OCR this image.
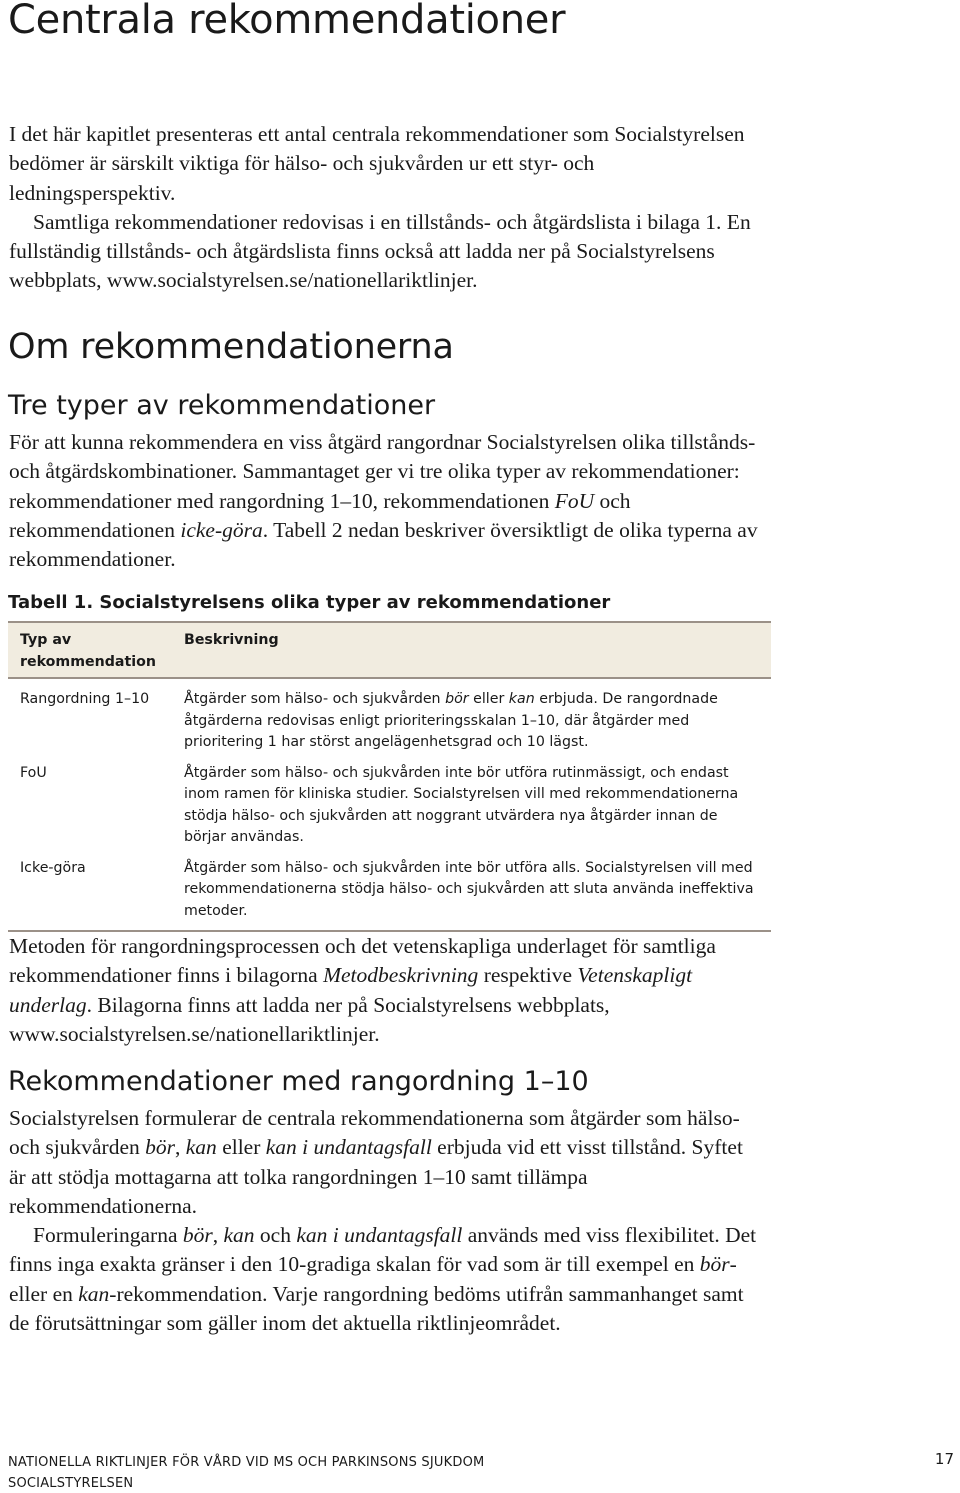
Centrala rekommendationer

I det här kapitlet presenteras ett antal centrala rekommendationer som Socialstyrelsen bedömer är särskilt viktiga för hälso- och sjukvården ur ett styr- och ledningsperspektiv.

Samtliga rekommendationer redovisas i en tillstånds- och åtgärdslista i bilaga 1. En fullständig tillstånds- och åtgärdslista finns också att ladda ner på Socialstyrelsens webbplats, www.socialstyrelsen.se/nationellariktlinjer.

Om rekommendationerna
Tre typer av rekommendationer

För att kunna rekommendera en viss åtgärd rangordnar Socialstyrelsen olika tillstånds- och åtgärdskombinationer. Sammantaget ger vi tre olika typer av rekommendationer: rekommendationer med rangordning 1–10, rekommendationen FoU och rekommendationen icke-göra. Tabell 2 nedan beskriver översiktligt de olika typerna av rekommendationer.

Tabell 1. Socialstyrelsens olika typer av rekommendationer

Typ av rekommendation	Beskrivning
Rangordning 1–10	Åtgärder som hälso- och sjukvården bör eller kan erbjuda. De rangordnade åtgärderna redovisas enligt prioriteringsskalan 1–10, där åtgärder med prioritering 1 har störst angelägenhetsgrad och 10 lägst.
FoU	Åtgärder som hälso- och sjukvården inte bör utföra rutinmässigt, och endast inom ramen för kliniska studier. Socialstyrelsen vill med rekommendationerna stödja hälso- och sjukvården att noggrant utvärdera nya åtgärder innan de börjar användas.
Icke-göra	Åtgärder som hälso- och sjukvården inte bör utföra alls. Socialstyrelsen vill med rekommendationerna stödja hälso- och sjukvården att sluta använda ineffektiva metoder.

Metoden för rangordningsprocessen och det vetenskapliga underlaget för samtliga rekommendationer finns i bilagorna Metodbeskrivning respektive Vetenskapligt underlag. Bilagorna finns att ladda ner på Socialstyrelsens webbplats, www.socialstyrelsen.se/nationellariktlinjer.

Rekommendationer med rangordning 1–10

Socialstyrelsen formulerar de centrala rekommendationerna som åtgärder som hälso- och sjukvården bör, kan eller kan i undantagsfall erbjuda vid ett visst tillstånd. Syftet är att stödja mottagarna att tolka rangordningen 1–10 samt tillämpa rekommendationerna.

Formuleringarna bör, kan och kan i undantagsfall används med viss flexibilitet. Det finns inga exakta gränser i den 10-gradiga skalan för vad som är till exempel en bör- eller en kan-rekommendation. Varje rangordning bedöms utifrån sammanhanget samt de förutsättningar som gäller inom det aktuella riktlinjeområdet.

NATIONELLA RIKTLINJER FÖR VÅRD VID MS OCH PARKINSONS SJUKDOM

SOCIALSTYRELSEN

17
